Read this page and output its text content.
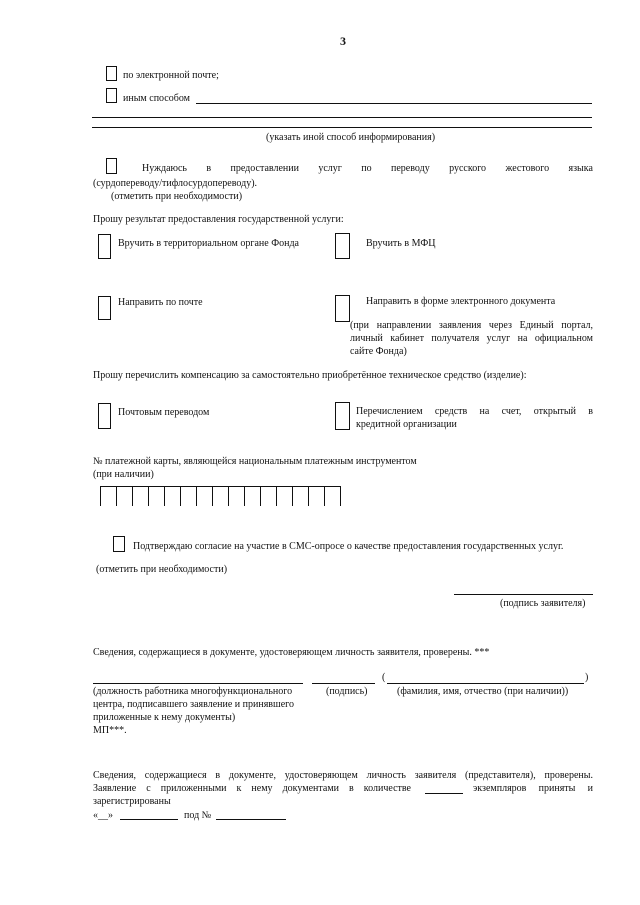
3
по электронной почте;
иным способом
(указать иной способ информирования)
Нуждаюсь в предоставлении услуг по переводу русского жестового языка
(сурдопереводу/тифлосурдопереводу).
(отметить при необходимости)
Прошу результат предоставления государственной услуги:
Вручить в территориальном органе Фонда	Вручить в МФЦ
Направить по почте	Направить в форме электронного документа
(при направлении заявления через Единый портал,
личный кабинет получателя услуг на официальном
сайте Фонда)
Прошу перечислить компенсацию за самостоятельно приобретённое техническое средство (изделие):
Почтовым переводом	Перечислением средств на счет, открытый в
кредитной организации
№ платежной карты, являющейся национальным платежным инструментом
(при наличии)
Подтверждаю согласие на участие в СМС-опросе о качестве предоставления государственных услуг.
(отметить при необходимости)
(подпись заявителя)
Сведения, содержащиеся в документе, удостоверяющем личность заявителя, проверены. ***
(	)
(должность работника многофункционального
центра, подписавшего заявление и принявшего
приложенные к нему документы)
(подпись)	(фамилия, имя, отчество (при наличии))
МП***.
Сведения, содержащиеся в документе, удостоверяющем личность заявителя (представителя), проверены.
Заявление с приложенными к нему документами в количестве	экземпляров приняты и
зарегистрированы
«__»	под №
